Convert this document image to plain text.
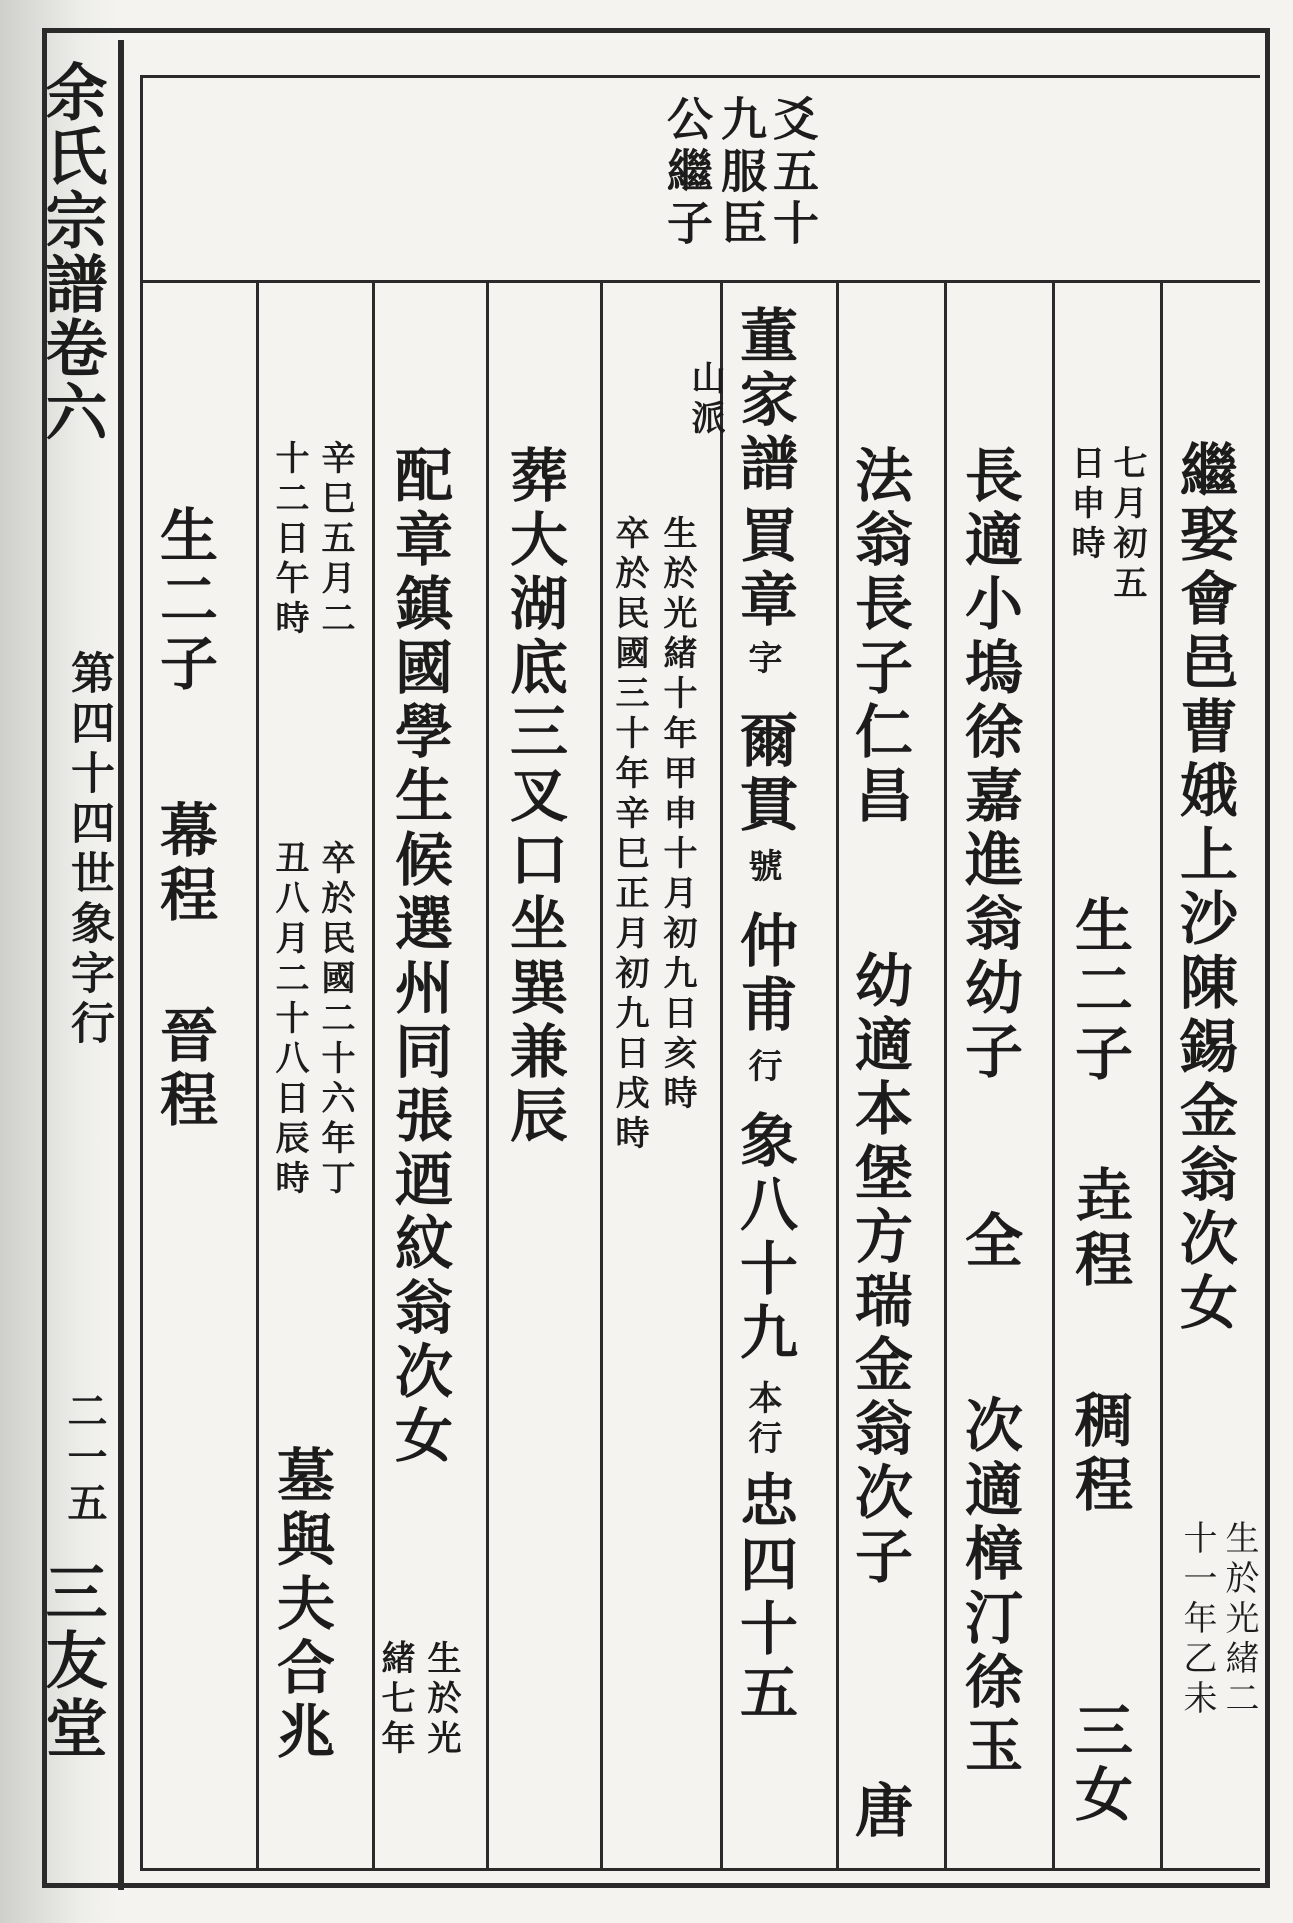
余氏宗譜卷六
第四十四世象字行
二一五
三友堂
爻五十
九服臣
公繼子
繼娶會邑曹娥上沙陳錫金翁次女
生於光緒二
十一年乙未
七月初五
日申時
生二子
垚程
稠程
三女
長適小塢徐嘉進翁幼子
全
次適樟汀徐玉
法翁長子仁昌
幼適本堡方瑞金翁次子
唐
山派 董家譜
買章
字
爾貫
號
仲甫
行
象八十九
本行
忠四十五
生於光緒十年甲申十月初九日亥時
卒於民國三十年辛巳正月初九日戌時
葬大湖底三叉口坐巽兼辰
配章鎮國學生候選州同張迺紋翁次女
生於光
緒七年
辛巳五月二
十二日午時
卒於民國二十六年丁
丑八月二十八日辰時
墓與夫合兆
生二子
幕程
晉程
